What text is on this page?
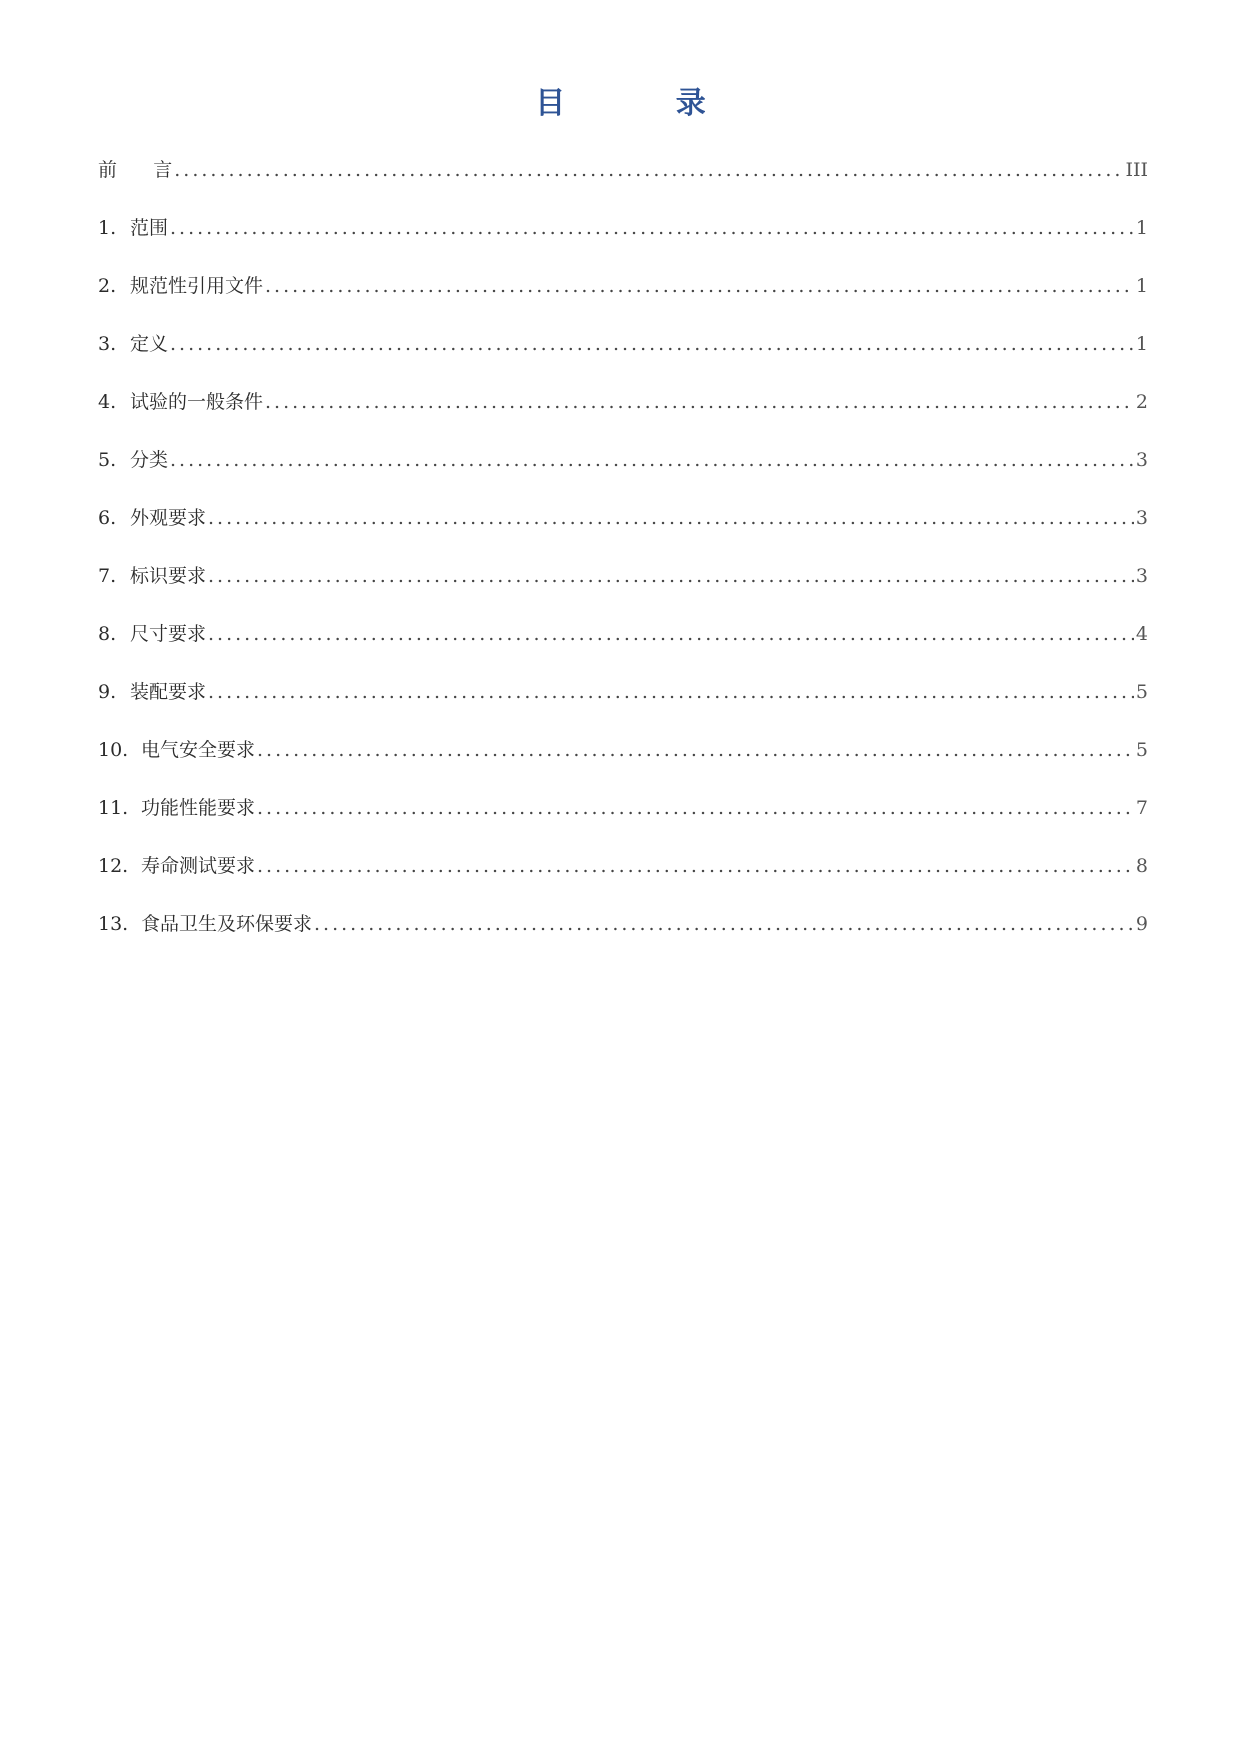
目 录
前      言 .....	III
1. 范围 .....	1
2. 规范性引用文件 .....	1
3. 定义 .....	1
4. 试验的一般条件 .....	2
5. 分类 .....	3
6. 外观要求 .....	3
7. 标识要求 .....	3
8. 尺寸要求 .....	4
9. 装配要求 .....	5
10. 电气安全要求 .....	5
11. 功能性能要求 .....	7
12. 寿命测试要求 .....	8
13. 食品卫生及环保要求 .....	9
